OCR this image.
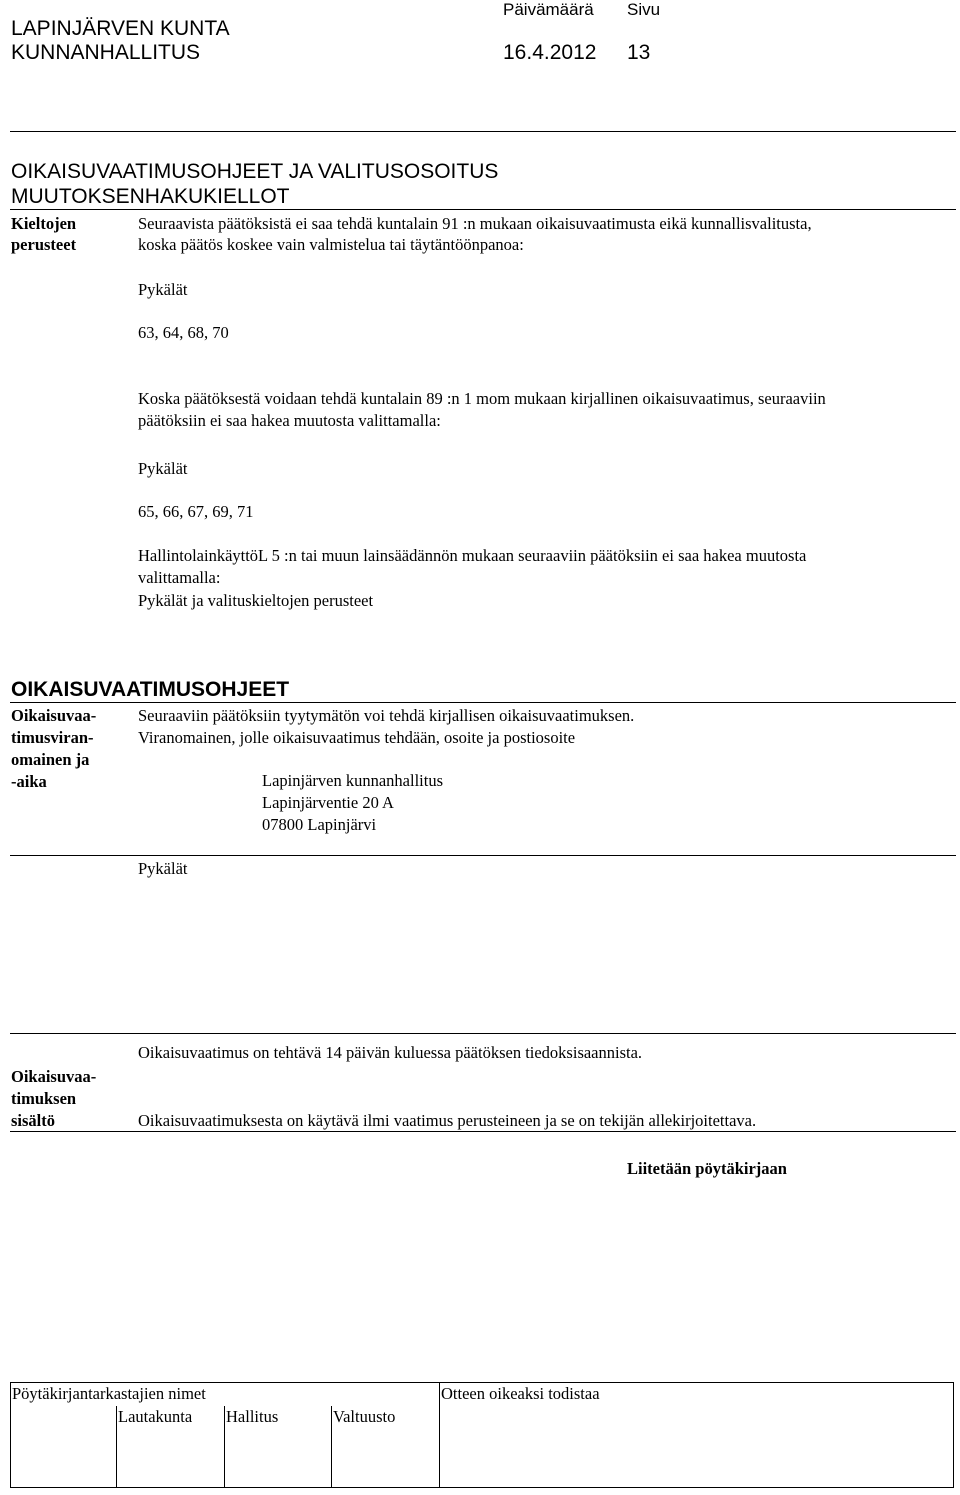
LAPINJÄRVEN KUNTA
KUNNANHALLITUS
Päivämäärä
16.4.2012
Sivu
13
OIKAISUVAATIMUSOHJEET JA VALITUSOSOITUS
MUUTOKSENHAKUKIELLOT
Kieltojen
perusteet
Seuraavista päätöksistä ei saa tehdä kuntalain 91 :n mukaan oikaisuvaatimusta eikä kunnallisvalitusta,
koska päätös koskee vain valmistelua tai täytäntöönpanoa:
Pykälät
63, 64, 68, 70
Koska päätöksestä voidaan tehdä kuntalain 89 :n 1 mom mukaan kirjallinen oikaisuvaatimus, seuraaviin
päätöksiin ei saa hakea muutosta valittamalla:
Pykälät
65, 66, 67, 69, 71
HallintolainkäyttöL 5 :n tai muun lainsäädännön mukaan seuraaviin päätöksiin ei saa hakea muutosta
valittamalla:
Pykälät ja valituskieltojen perusteet
OIKAISUVAATIMUSOHJEET
Oikaisuvaa-
timusviran-
omainen ja
-aika
Seuraaviin päätöksiin tyytymätön voi tehdä kirjallisen oikaisuvaatimuksen.
Viranomainen, jolle oikaisuvaatimus tehdään, osoite ja postiosoite
Lapinjärven kunnanhallitus
Lapinjärventie 20 A
07800 Lapinjärvi
Pykälät
Oikaisuvaatimus on tehtävä 14 päivän kuluessa päätöksen tiedoksisaannista.
Oikaisuvaa-
timuksen
sisältö	Oikaisuvaatimuksesta on käytävä ilmi vaatimus perusteineen ja se on tekijän allekirjoitettava.
Liitetään pöytäkirjaan
Pöytäkirjantarkastajien nimet	Otteen oikeaksi todistaa
Lautakunta Hallitus	Valtuusto
